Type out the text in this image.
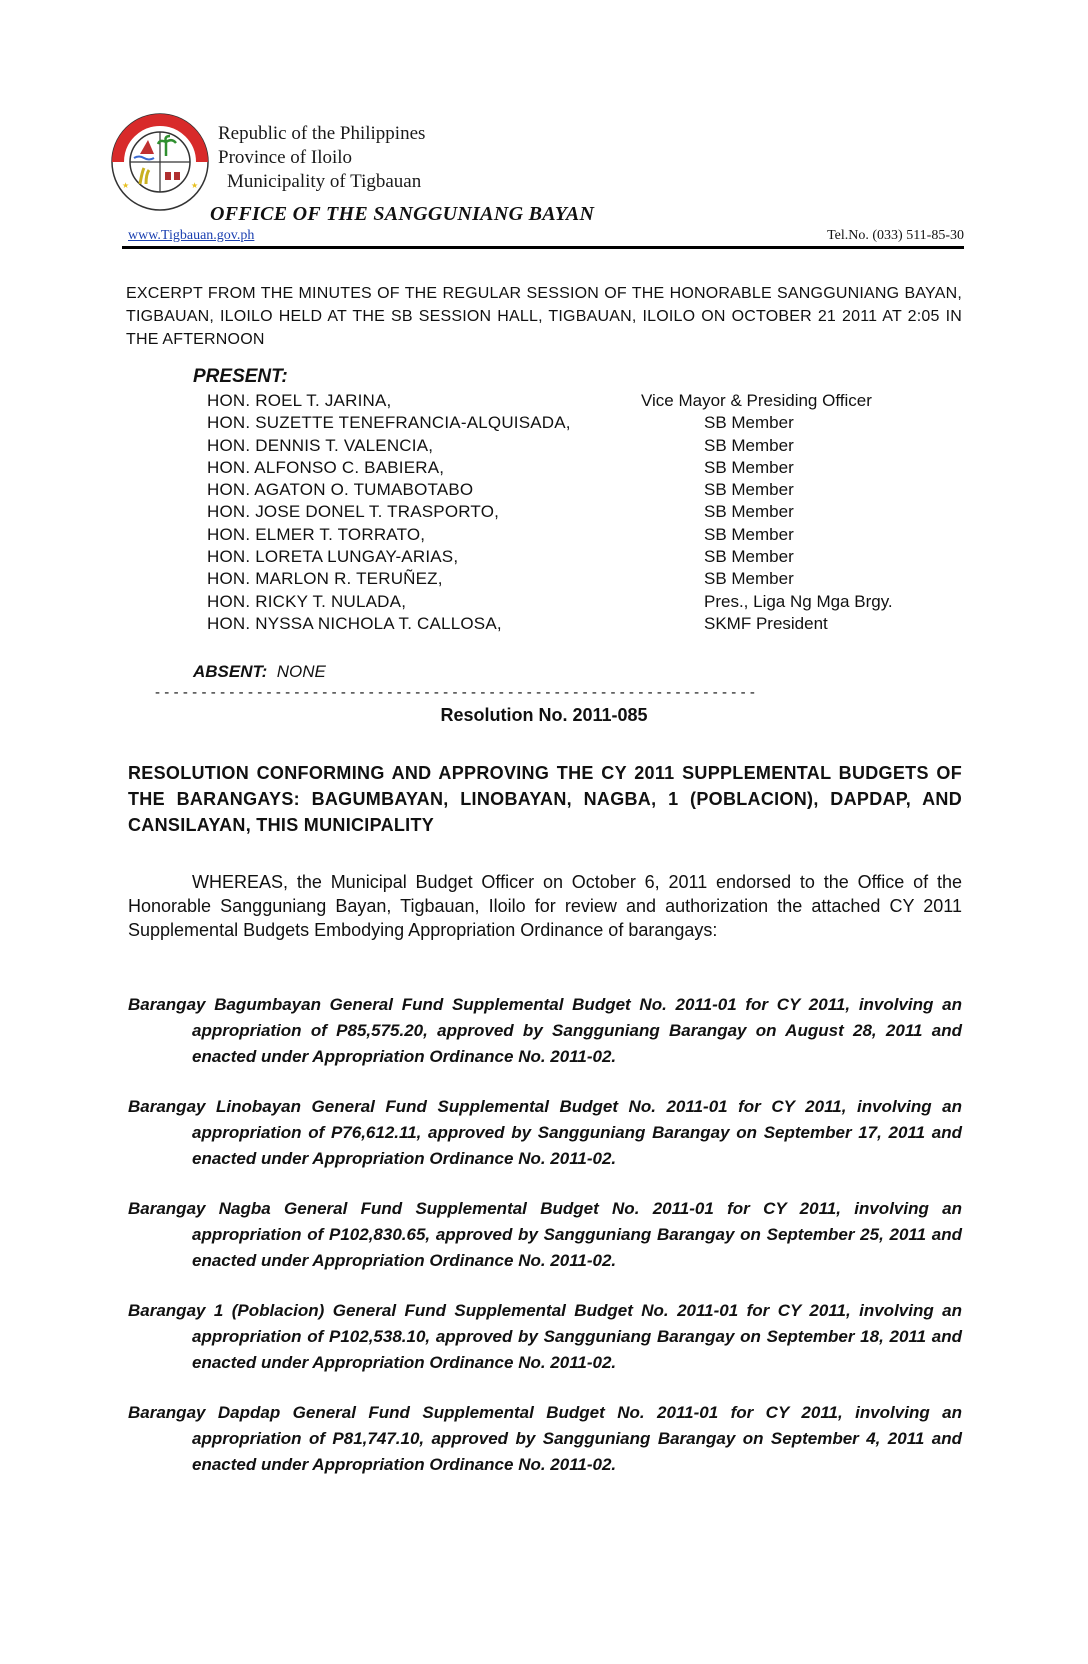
★	★
Republic of the Philippines
Province of Iloilo
Municipality of Tigbauan
OFFICE OF THE SANGGUNIANG BAYAN
www.Tigbauan.gov.ph	Tel.No. (033) 511-85-30
EXCERPT FROM THE MINUTES OF THE REGULAR SESSION OF THE HONORABLE SANGGUNIANG BAYAN, TIGBAUAN, ILOILO HELD AT THE SB SESSION HALL, TIGBAUAN, ILOILO ON OCTOBER 21 2011 AT 2:05 IN THE AFTERNOON
PRESENT:
HON. ROEL T. JARINA,	Vice Mayor & Presiding Officer
HON. SUZETTE TENEFRANCIA-ALQUISADA,	SB Member
HON. DENNIS T. VALENCIA,	SB Member
HON. ALFONSO C. BABIERA,	SB Member
HON. AGATON O. TUMABOTABO	SB Member
HON. JOSE DONEL T. TRASPORTO,	SB Member
HON. ELMER T. TORRATO,	SB Member
HON. LORETA LUNGAY-ARIAS,	SB Member
HON. MARLON R. TERUÑEZ,	SB Member
HON. RICKY T. NULADA,	Pres., Liga Ng Mga Brgy.
HON. NYSSA NICHOLA T. CALLOSA,	SKMF President
ABSENT: NONE
-----------------------------------------------------------------
Resolution No. 2011-085
RESOLUTION CONFORMING AND APPROVING THE CY 2011 SUPPLEMENTAL BUDGETS OF THE BARANGAYS: BAGUMBAYAN, LINOBAYAN, NAGBA, 1 (POBLACION), DAPDAP, AND CANSILAYAN, THIS MUNICIPALITY
WHEREAS, the Municipal Budget Officer on October 6, 2011 endorsed to the Office of the Honorable Sangguniang Bayan, Tigbauan, Iloilo for review and authorization the attached CY 2011 Supplemental Budgets Embodying Appropriation Ordinance of barangays:
Barangay Bagumbayan General Fund Supplemental Budget No. 2011-01 for CY 2011, involving an appropriation of P85,575.20, approved by Sangguniang Barangay on August 28, 2011 and enacted under Appropriation Ordinance No. 2011-02.
Barangay Linobayan General Fund Supplemental Budget No. 2011-01 for CY 2011, involving an appropriation of P76,612.11, approved by Sangguniang Barangay on September 17, 2011 and enacted under Appropriation Ordinance No. 2011-02.
Barangay Nagba General Fund Supplemental Budget No. 2011-01 for CY 2011, involving an appropriation of P102,830.65, approved by Sangguniang Barangay on September 25, 2011 and enacted under Appropriation Ordinance No. 2011-02.
Barangay 1 (Poblacion) General Fund Supplemental Budget No. 2011-01 for CY 2011, involving an appropriation of P102,538.10, approved by Sangguniang Barangay on September 18, 2011 and enacted under Appropriation Ordinance No. 2011-02.
Barangay Dapdap General Fund Supplemental Budget No. 2011-01 for CY 2011, involving an appropriation of P81,747.10, approved by Sangguniang Barangay on September 4, 2011 and enacted under Appropriation Ordinance No. 2011-02.
